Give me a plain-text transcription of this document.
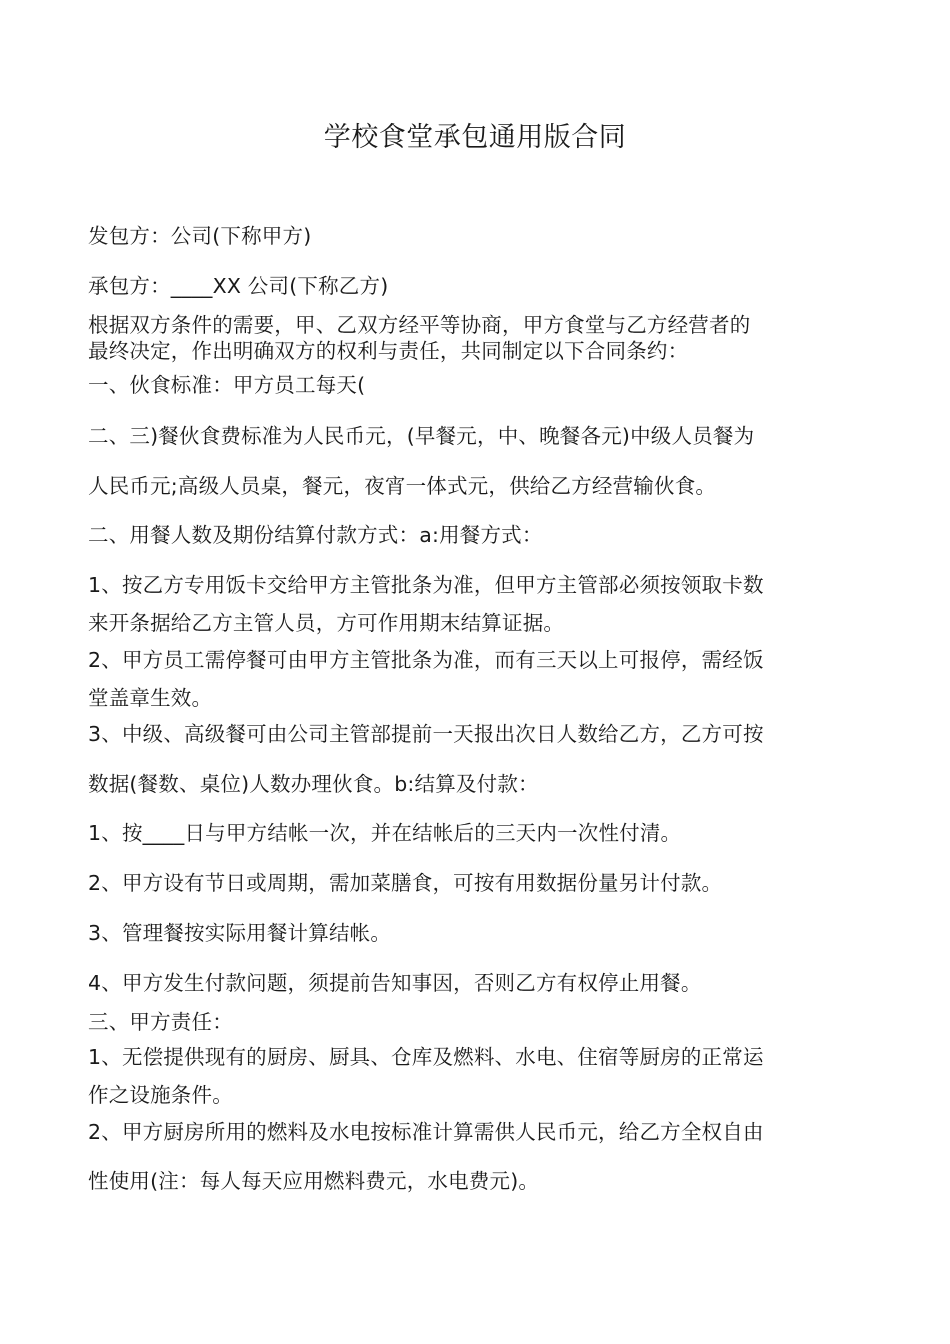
学校食堂承包通用版合同
发包方：公司(下称甲方)
承包方：____XX 公司(下称乙方)
根据双方条件的需要，甲、乙双方经平等协商，甲方食堂与乙方经营者的
最终决定，作出明确双方的权利与责任，共同制定以下合同条约：
一、伙食标准：甲方员工每天(
二、三)餐伙食费标准为人民币元，(早餐元，中、晚餐各元)中级人员餐为
人民币元;高级人员桌，餐元，夜宵一体式元，供给乙方经营输伙食。
二、用餐人数及期份结算付款方式：a:用餐方式：
1、按乙方专用饭卡交给甲方主管批条为准，但甲方主管部必须按领取卡数
来开条据给乙方主管人员，方可作用期末结算证据。
2、甲方员工需停餐可由甲方主管批条为准，而有三天以上可报停，需经饭
堂盖章生效。
3、中级、高级餐可由公司主管部提前一天报出次日人数给乙方，乙方可按
数据(餐数、桌位)人数办理伙食。b:结算及付款：
1、按____日与甲方结帐一次，并在结帐后的三天内一次性付清。
2、甲方设有节日或周期，需加菜膳食，可按有用数据份量另计付款。
3、管理餐按实际用餐计算结帐。
4、甲方发生付款问题，须提前告知事因，否则乙方有权停止用餐。
三、甲方责任：
1、无偿提供现有的厨房、厨具、仓库及燃料、水电、住宿等厨房的正常运
作之设施条件。
2、甲方厨房所用的燃料及水电按标准计算需供人民币元，给乙方全权自由
性使用(注：每人每天应用燃料费元，水电费元)。
